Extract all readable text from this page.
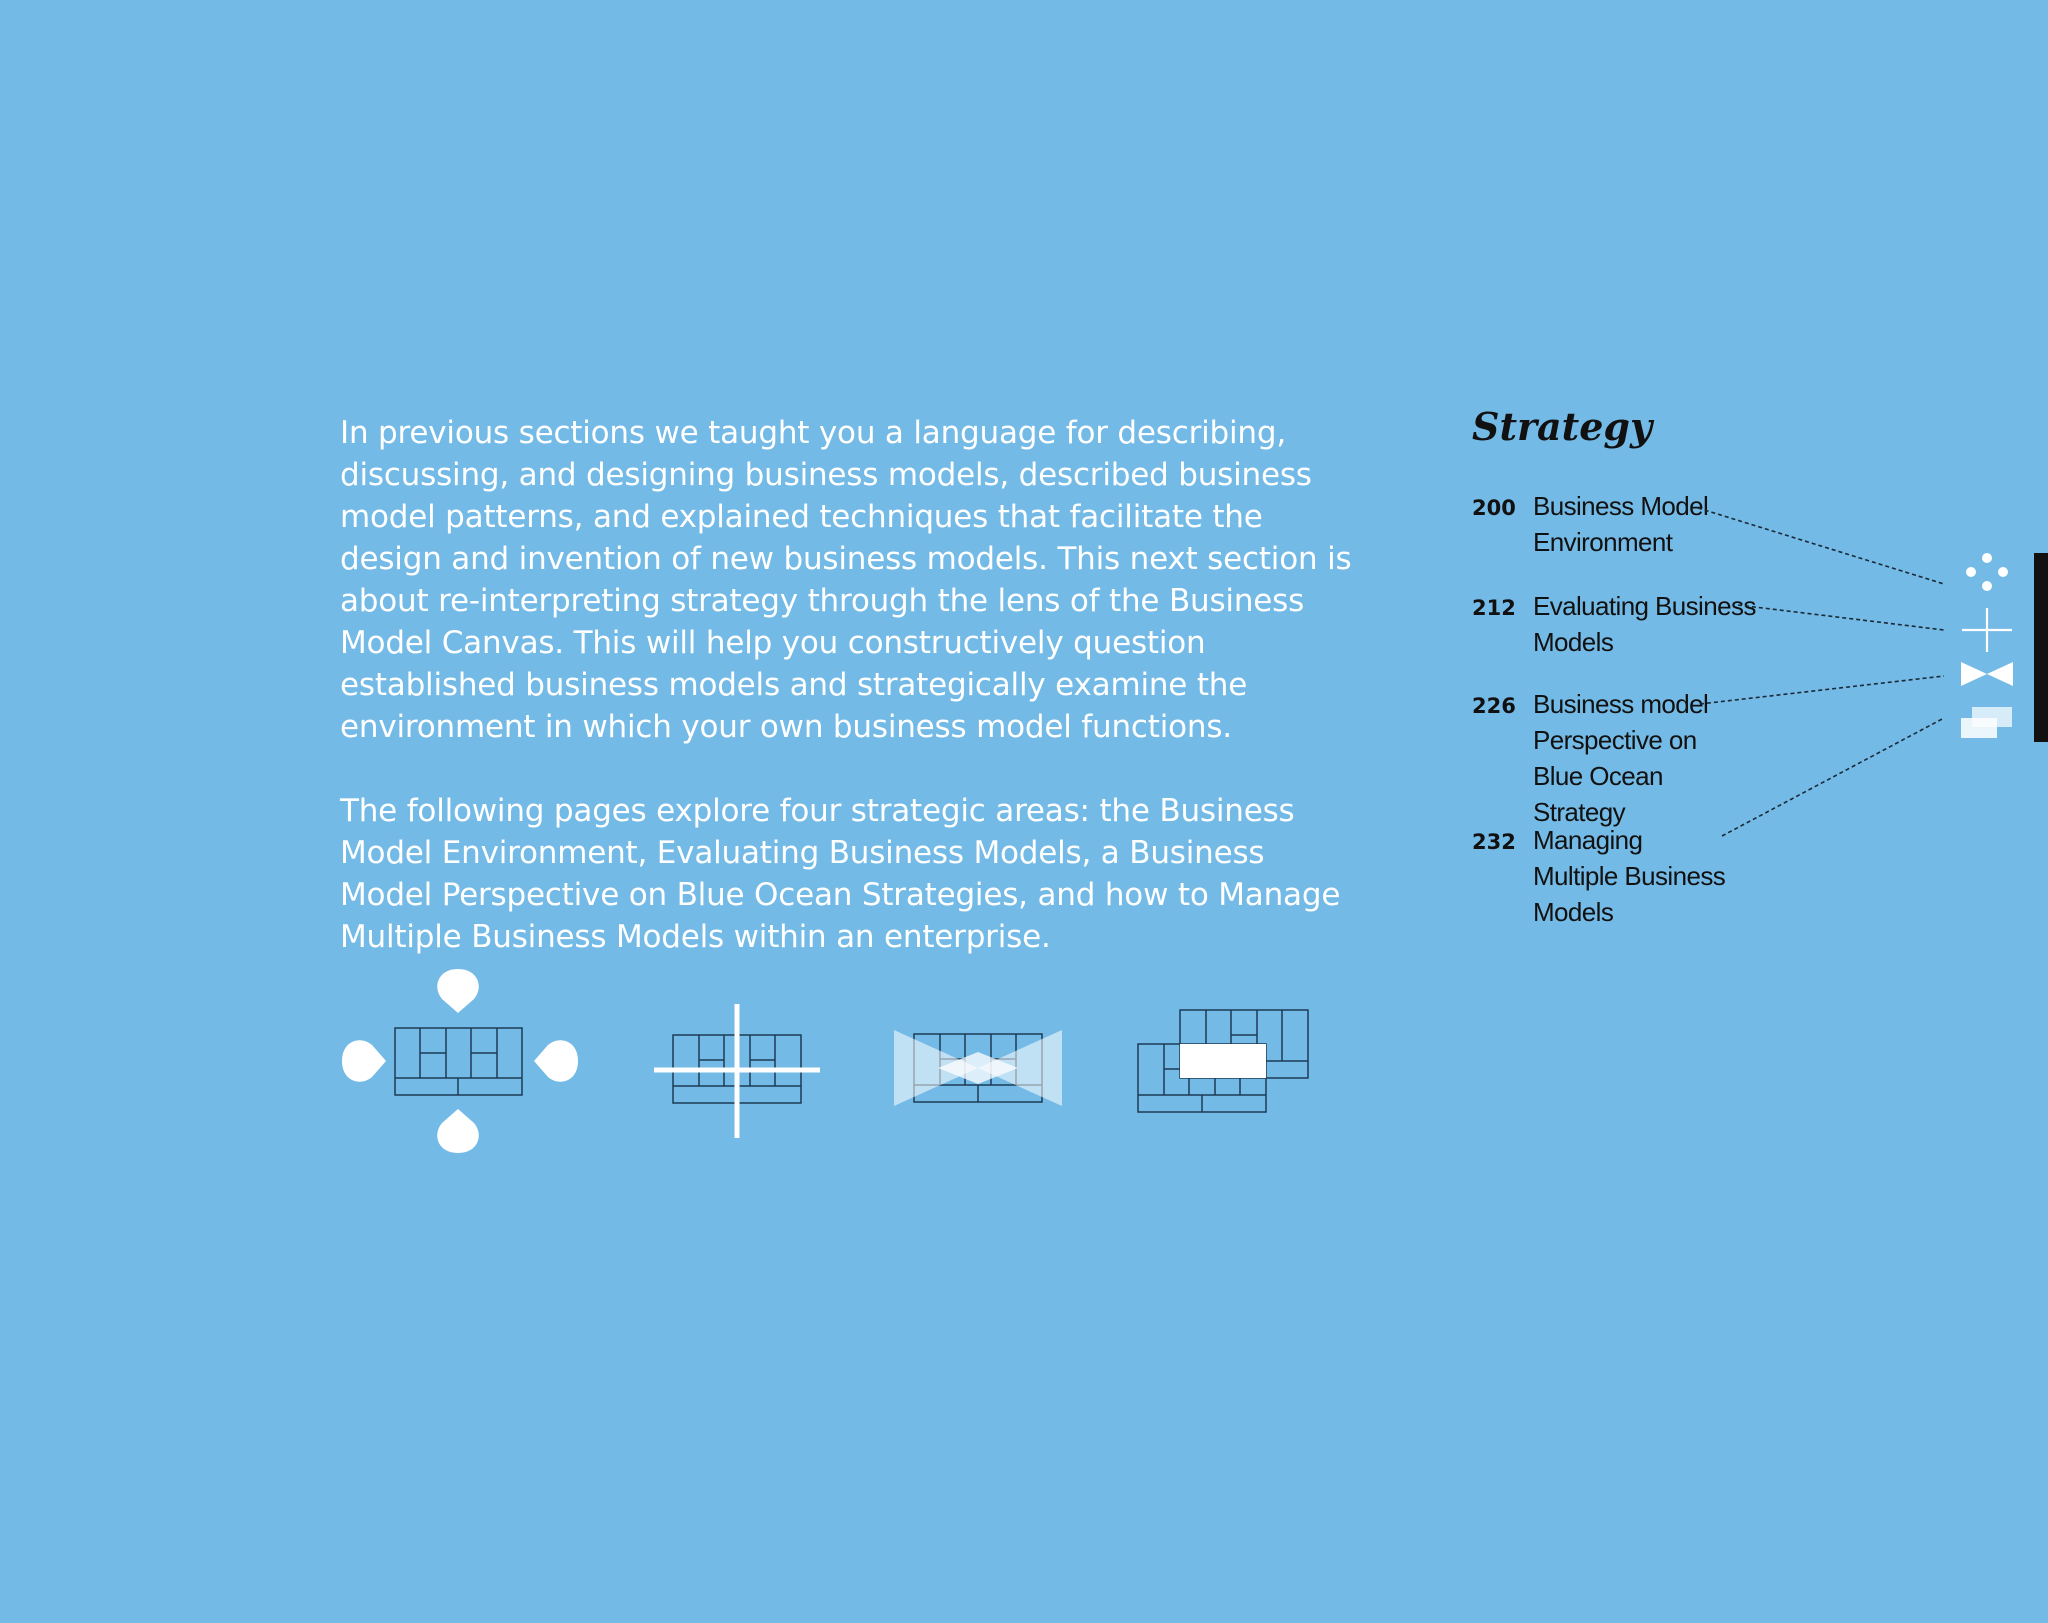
In previous sections we taught you a language for describing, discussing, and designing business models, described business model patterns, and explained techniques that facilitate the design and invention of new business models. This next section is about re-interpreting strategy through the lens of the Business Model Canvas. This will help you constructively question established business models and strategically examine the environment in which your own business model functions.

The following pages explore four strategic areas: the Business Model Environment, Evaluating Business Models, a Business Model Perspective on Blue Ocean Strategies, and how to Manage Multiple Business Models within an enterprise.

Strategy
200 Business Model Environment
212 Evaluating Business Models
226 Business model Perspective on Blue Ocean Strategy
232 Managing Multiple Business Models
